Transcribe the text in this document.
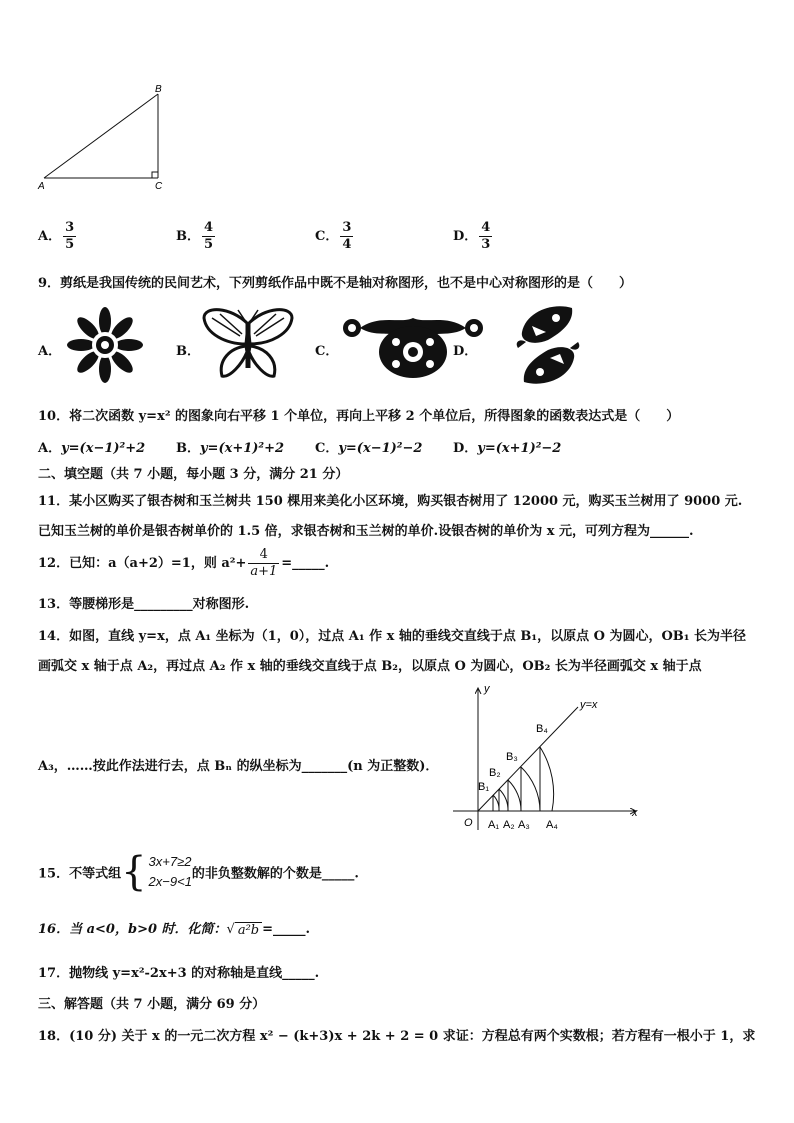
A
B
C
A． $\frac{3}{5}$	B． $\frac{4}{5}$	C． $\frac{3}{4}$	D． $\frac{4}{3}$
9．剪纸是我国传统的民间艺术，下列剪纸作品中既不是轴对称图形，也不是中心对称图形的是（　　）
A．	B．	C．	D．
10．将二次函数 y=x² 的图象向右平移 1 个单位，再向上平移 2 个单位后，所得图象的函数表达式是（　　）
A．y=(x−1)²+2 B．y=(x+1)²+2 C．y=(x−1)²−2 D．y=(x+1)²−2
二、填空题（共 7 小题，每小题 3 分，满分 21 分）
11．某小区购买了银杏树和玉兰树共 150 棵用来美化小区环境，购买银杏树用了 12000 元，购买玉兰树用了 9000 元.
已知玉兰树的单价是银杏树单价的 1.5 倍，求银杏树和玉兰树的单价.设银杏树的单价为 x 元，可列方程为______.
12．已知：a（a+2）=1，则 $a^2+ \frac{4}{a+1}$ =_____.
13．等腰梯形是_________对称图形.
14．如图，直线 y=x，点 A₁ 坐标为（1，0），过点 A₁ 作 x 轴的垂线交直线于点 B₁，以原点 O 为圆心，OB₁ 长为半径
画弧交 x 轴于点 A₂，再过点 A₂ 作 x 轴的垂线交直线于点 B₂，以原点 O 为圆心，OB₂ 长为半径画弧交 x 轴于点
A₃，……按此作法进行去，点 Bₙ 的纵坐标为_______(n 为正整数)．
y
x
O
y=x
B₁
B₂
B₃
B₄
A₁ A₂ A₃ A₄
15．不等式组 { 3x+7≥2
2x−9<1 的非负整数解的个数是_____.
16．当 a<0，b>0 时．化简： √ a²b =_____.
17．抛物线 y=x²-2x+3 的对称轴是直线_____.
三、解答题（共 7 小题，满分 69 分）
18．(10 分) 关于 x 的一元二次方程 x² − (k+3)x + 2k + 2 = 0 求证：方程总有两个实数根；若方程有一根小于 1，求
